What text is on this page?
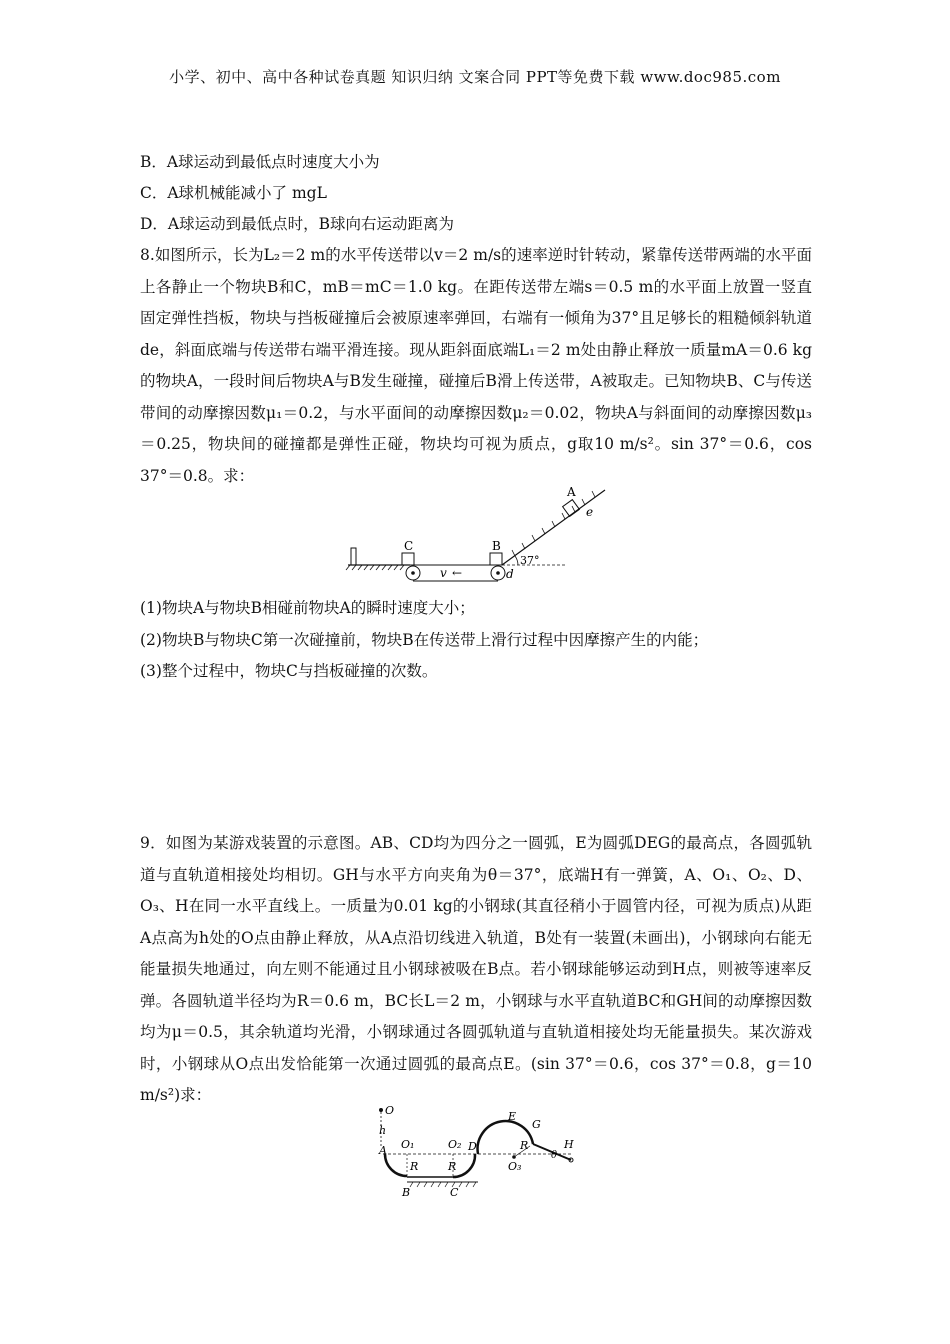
小学、初中、高中各种试卷真题 知识归纳 文案合同 PPT等免费下载 www.doc985.com
B．A球运动到最低点时速度大小为
C．A球机械能减小了 mgL
D．A球运动到最低点时，B球向右运动距离为
8.如图所示，长为L₂＝2 m的水平传送带以v＝2 m/s的速率逆时针转动，紧靠传送带两端的水平面上各静止一个物块B和C，mB＝mC＝1.0 kg。在距传送带左端s＝0.5 m的水平面上放置一竖直固定弹性挡板，物块与挡板碰撞后会被原速率弹回，右端有一倾角为37°且足够长的粗糙倾斜轨道de，斜面底端与传送带右端平滑连接。现从距斜面底端L₁＝2 m处由静止释放一质量mA＝0.6 kg的物块A，一段时间后物块A与B发生碰撞，碰撞后B滑上传送带，A被取走。已知物块B、C与传送带间的动摩擦因数μ₁＝0.2，与水平面间的动摩擦因数μ₂＝0.02，物块A与斜面间的动摩擦因数μ₃＝0.25，物块间的碰撞都是弹性正碰，物块均可视为质点，g取10 m/s²。sin 37°＝0.6，cos 37°＝0.8。求：
C
v ←
B
d
37°
A
e
(1)物块A与物块B相碰前物块A的瞬时速度大小；
(2)物块B与物块C第一次碰撞前，物块B在传送带上滑行过程中因摩擦产生的内能；
(3)整个过程中，物块C与挡板碰撞的次数。
9．如图为某游戏装置的示意图。AB、CD均为四分之一圆弧，E为圆弧DEG的最高点，各圆弧轨道与直轨道相接处均相切。GH与水平方向夹角为θ＝37°，底端H有一弹簧，A、O₁、O₂、D、O₃、H在同一水平直线上。一质量为0.01 kg的小钢球(其直径稍小于圆管内径，可视为质点)从距A点高为h处的O点由静止释放，从A点沿切线进入轨道，B处有一装置(未画出)，小钢球向右能无能量损失地通过，向左则不能通过且小钢球被吸在B点。若小钢球能够运动到H点，则被等速率反弹。各圆轨道半径均为R＝0.6 m，BC长L＝2 m，小钢球与水平直轨道BC和GH间的动摩擦因数均为μ＝0.5，其余轨道均光滑，小钢球通过各圆弧轨道与直轨道相接处均无能量损失。某次游戏时，小钢球从O点出发恰能第一次通过圆弧的最高点E。(sin 37°＝0.6，cos 37°＝0.8，g＝10 m/s²)求：
O
h
A O₁	O₂ D
E
G
H
R	R
R
B	C
O₃
θ
